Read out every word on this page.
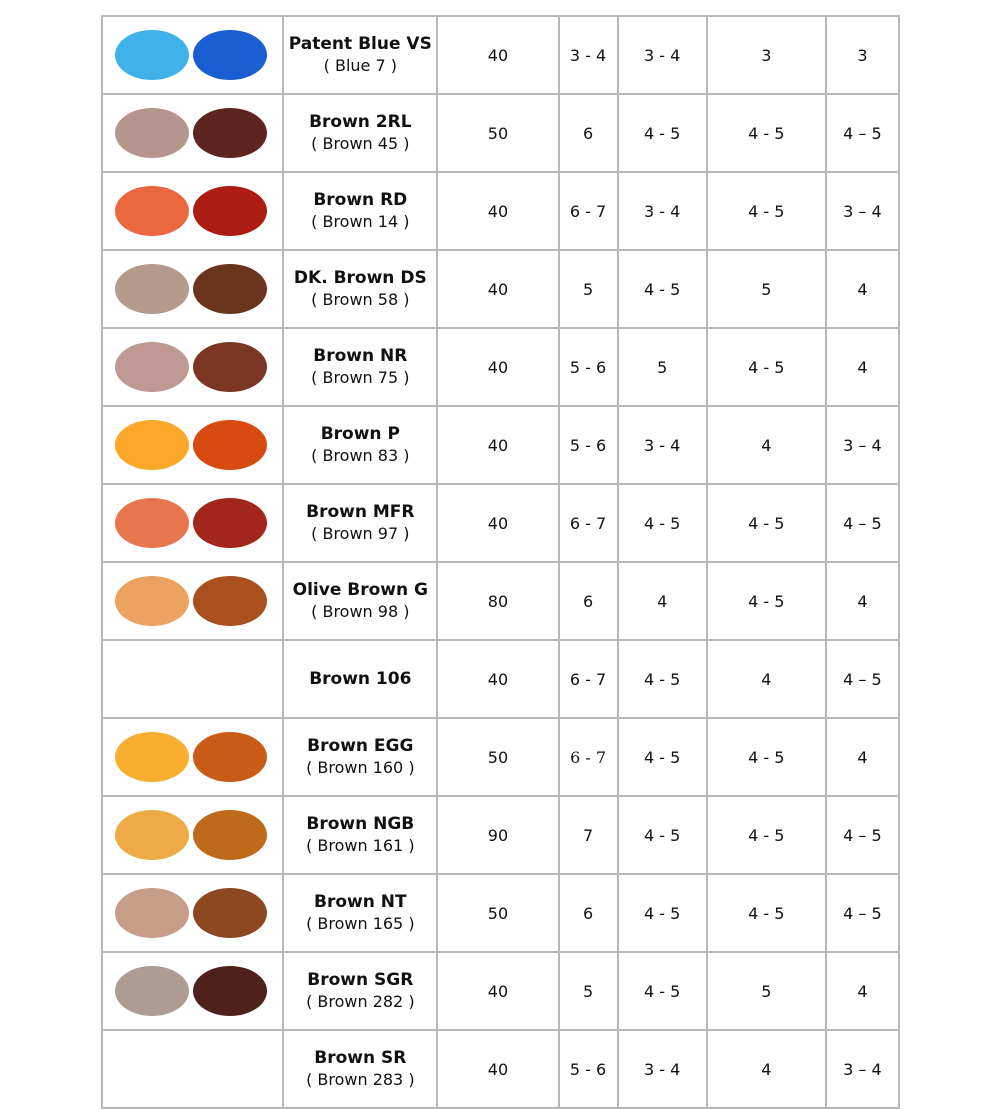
	Patent Blue VS
( Blue 7 )	40	3 - 4	3 - 4	3	3

	Brown 2RL
( Brown 45 )	50	6	4 - 5	4 - 5	4 – 5

	Brown RD
( Brown 14 )	40	6 - 7	3 - 4	4 - 5	3 – 4

	DK. Brown DS
( Brown 58 )	40	5	4 - 5	5	4

	Brown NR
( Brown 75 )	40	5 - 6	5	4 - 5	4

	Brown P
( Brown 83 )	40	5 - 6	3 - 4	4	3 – 4

	Brown MFR
( Brown 97 )	40	6 - 7	4 - 5	4 - 5	4 – 5

	Olive Brown G
( Brown 98 )	80	6	4	4 - 5	4

	Brown 106	40	6 - 7	4 - 5	4	4 – 5

	Brown EGG
( Brown 160 )	50	6 - 7	4 - 5	4 - 5	4

	Brown NGB
( Brown 161 )	90	7	4 - 5	4 - 5	4 – 5

	Brown NT
( Brown 165 )	50	6	4 - 5	4 - 5	4 – 5

	Brown SGR
( Brown 282 )	40	5	4 - 5	5	4

	Brown SR
( Brown 283 )	40	5 - 6	3 - 4	4	3 – 4
